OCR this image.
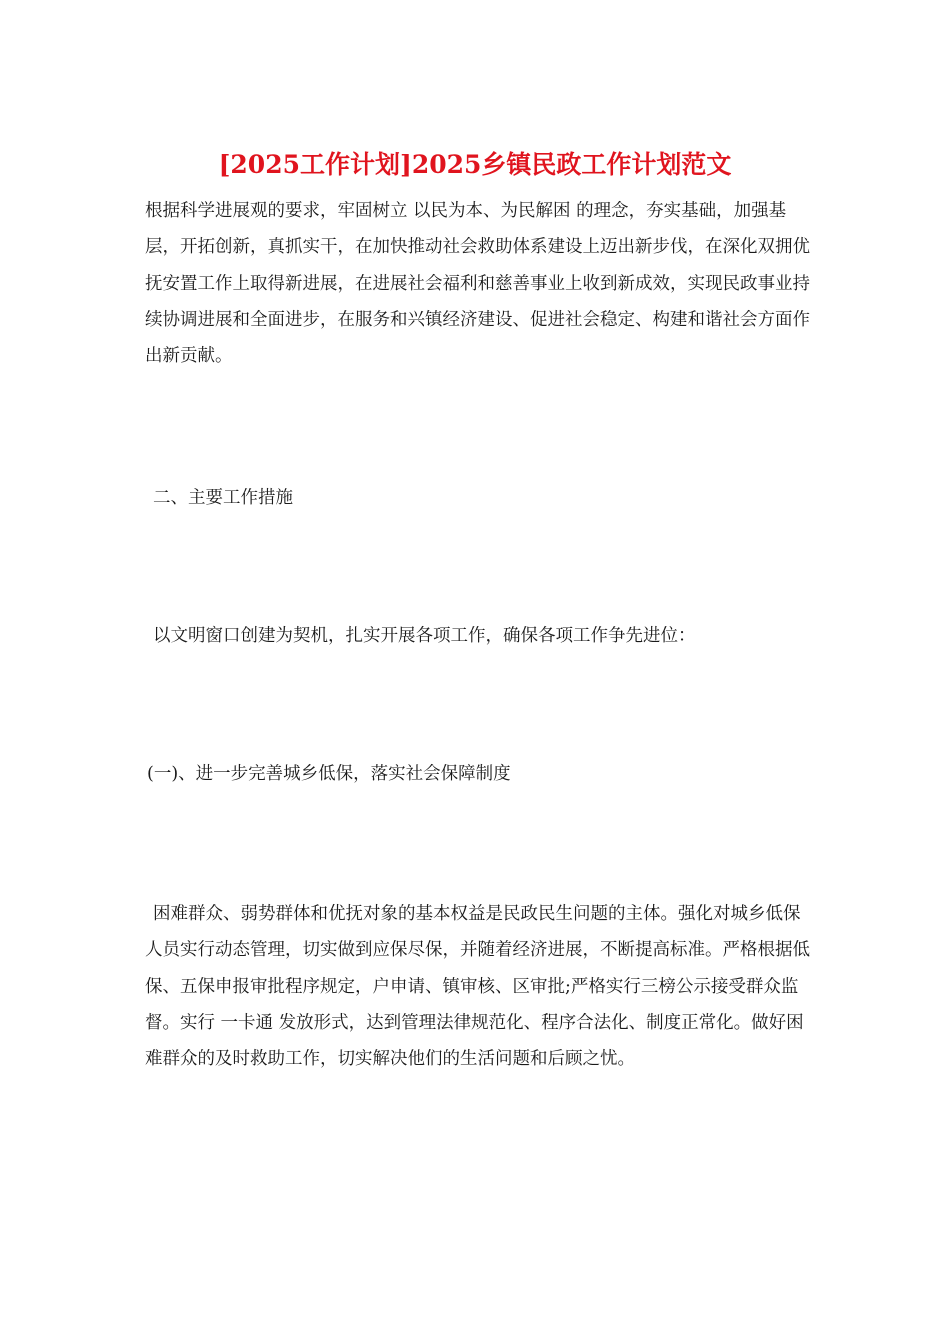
[2025工作计划]2025乡镇民政工作计划范文

根据科学进展观的要求，牢固树立 以民为本、为民解困 的理念，夯实基础，加强基层，开拓创新，真抓实干，在加快推动社会救助体系建设上迈出新步伐，在深化双拥优抚安置工作上取得新进展，在进展社会福利和慈善事业上收到新成效，实现民政事业持续协调进展和全面进步，在服务和兴镇经济建设、促进社会稳定、构建和谐社会方面作出新贡献。

二、主要工作措施

以文明窗口创建为契机，扎实开展各项工作，确保各项工作争先进位：

(一)、进一步完善城乡低保，落实社会保障制度

困难群众、弱势群体和优抚对象的基本权益是民政民生问题的主体。强化对城乡低保人员实行动态管理，切实做到应保尽保，并随着经济进展，不断提高标准。严格根据低保、五保申报审批程序规定，户申请、镇审核、区审批;严格实行三榜公示接受群众监督。实行 一卡通 发放形式，达到管理法律规范化、程序合法化、制度正常化。做好困难群众的及时救助工作，切实解决他们的生活问题和后顾之忧。
